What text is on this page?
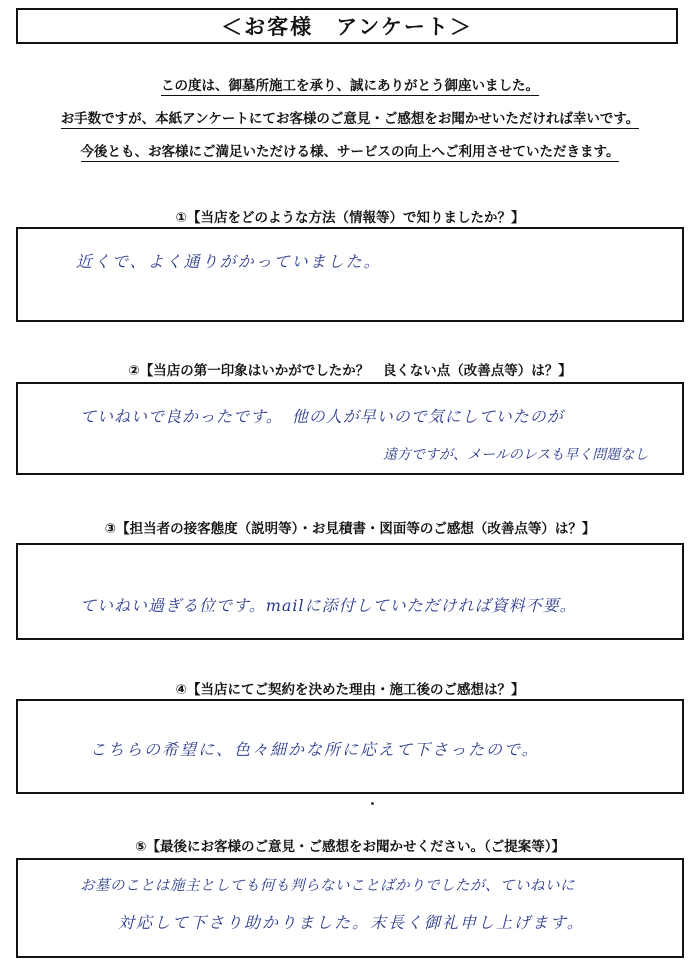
＜お客様　アンケート＞
この度は、御墓所施工を承り、誠にありがとう御座いました。
お手数ですが、本紙アンケートにてお客様のご意見・ご感想をお聞かせいただければ幸いです。
今後とも、お客様にご満足いただける様、サービスの向上へご利用させていただきます。
①【当店をどのような方法（情報等）で知りましたか？】
近くで、よく通りがかっていました。
②【当店の第一印象はいかがでしたか？　良くない点（改善点等）は？】
ていねいで良かったです。　他の人が早いので気にしていたのが
遠方ですが、メールのレスも早く問題なし
③【担当者の接客態度（説明等）・お見積書・図面等のご感想（改善点等）は？】
ていねい過ぎる位です。mailに添付していただければ資料不要。
④【当店にてご契約を決めた理由・施工後のご感想は？】
こちらの希望に、色々細かな所に応えて下さったので。
⑤【最後にお客様のご意見・ご感想をお聞かせください。（ご提案等）】
お墓のことは施主としても何も判らないことばかりでしたが、ていねいに
対応して下さり助かりました。末長く御礼申し上げます。
